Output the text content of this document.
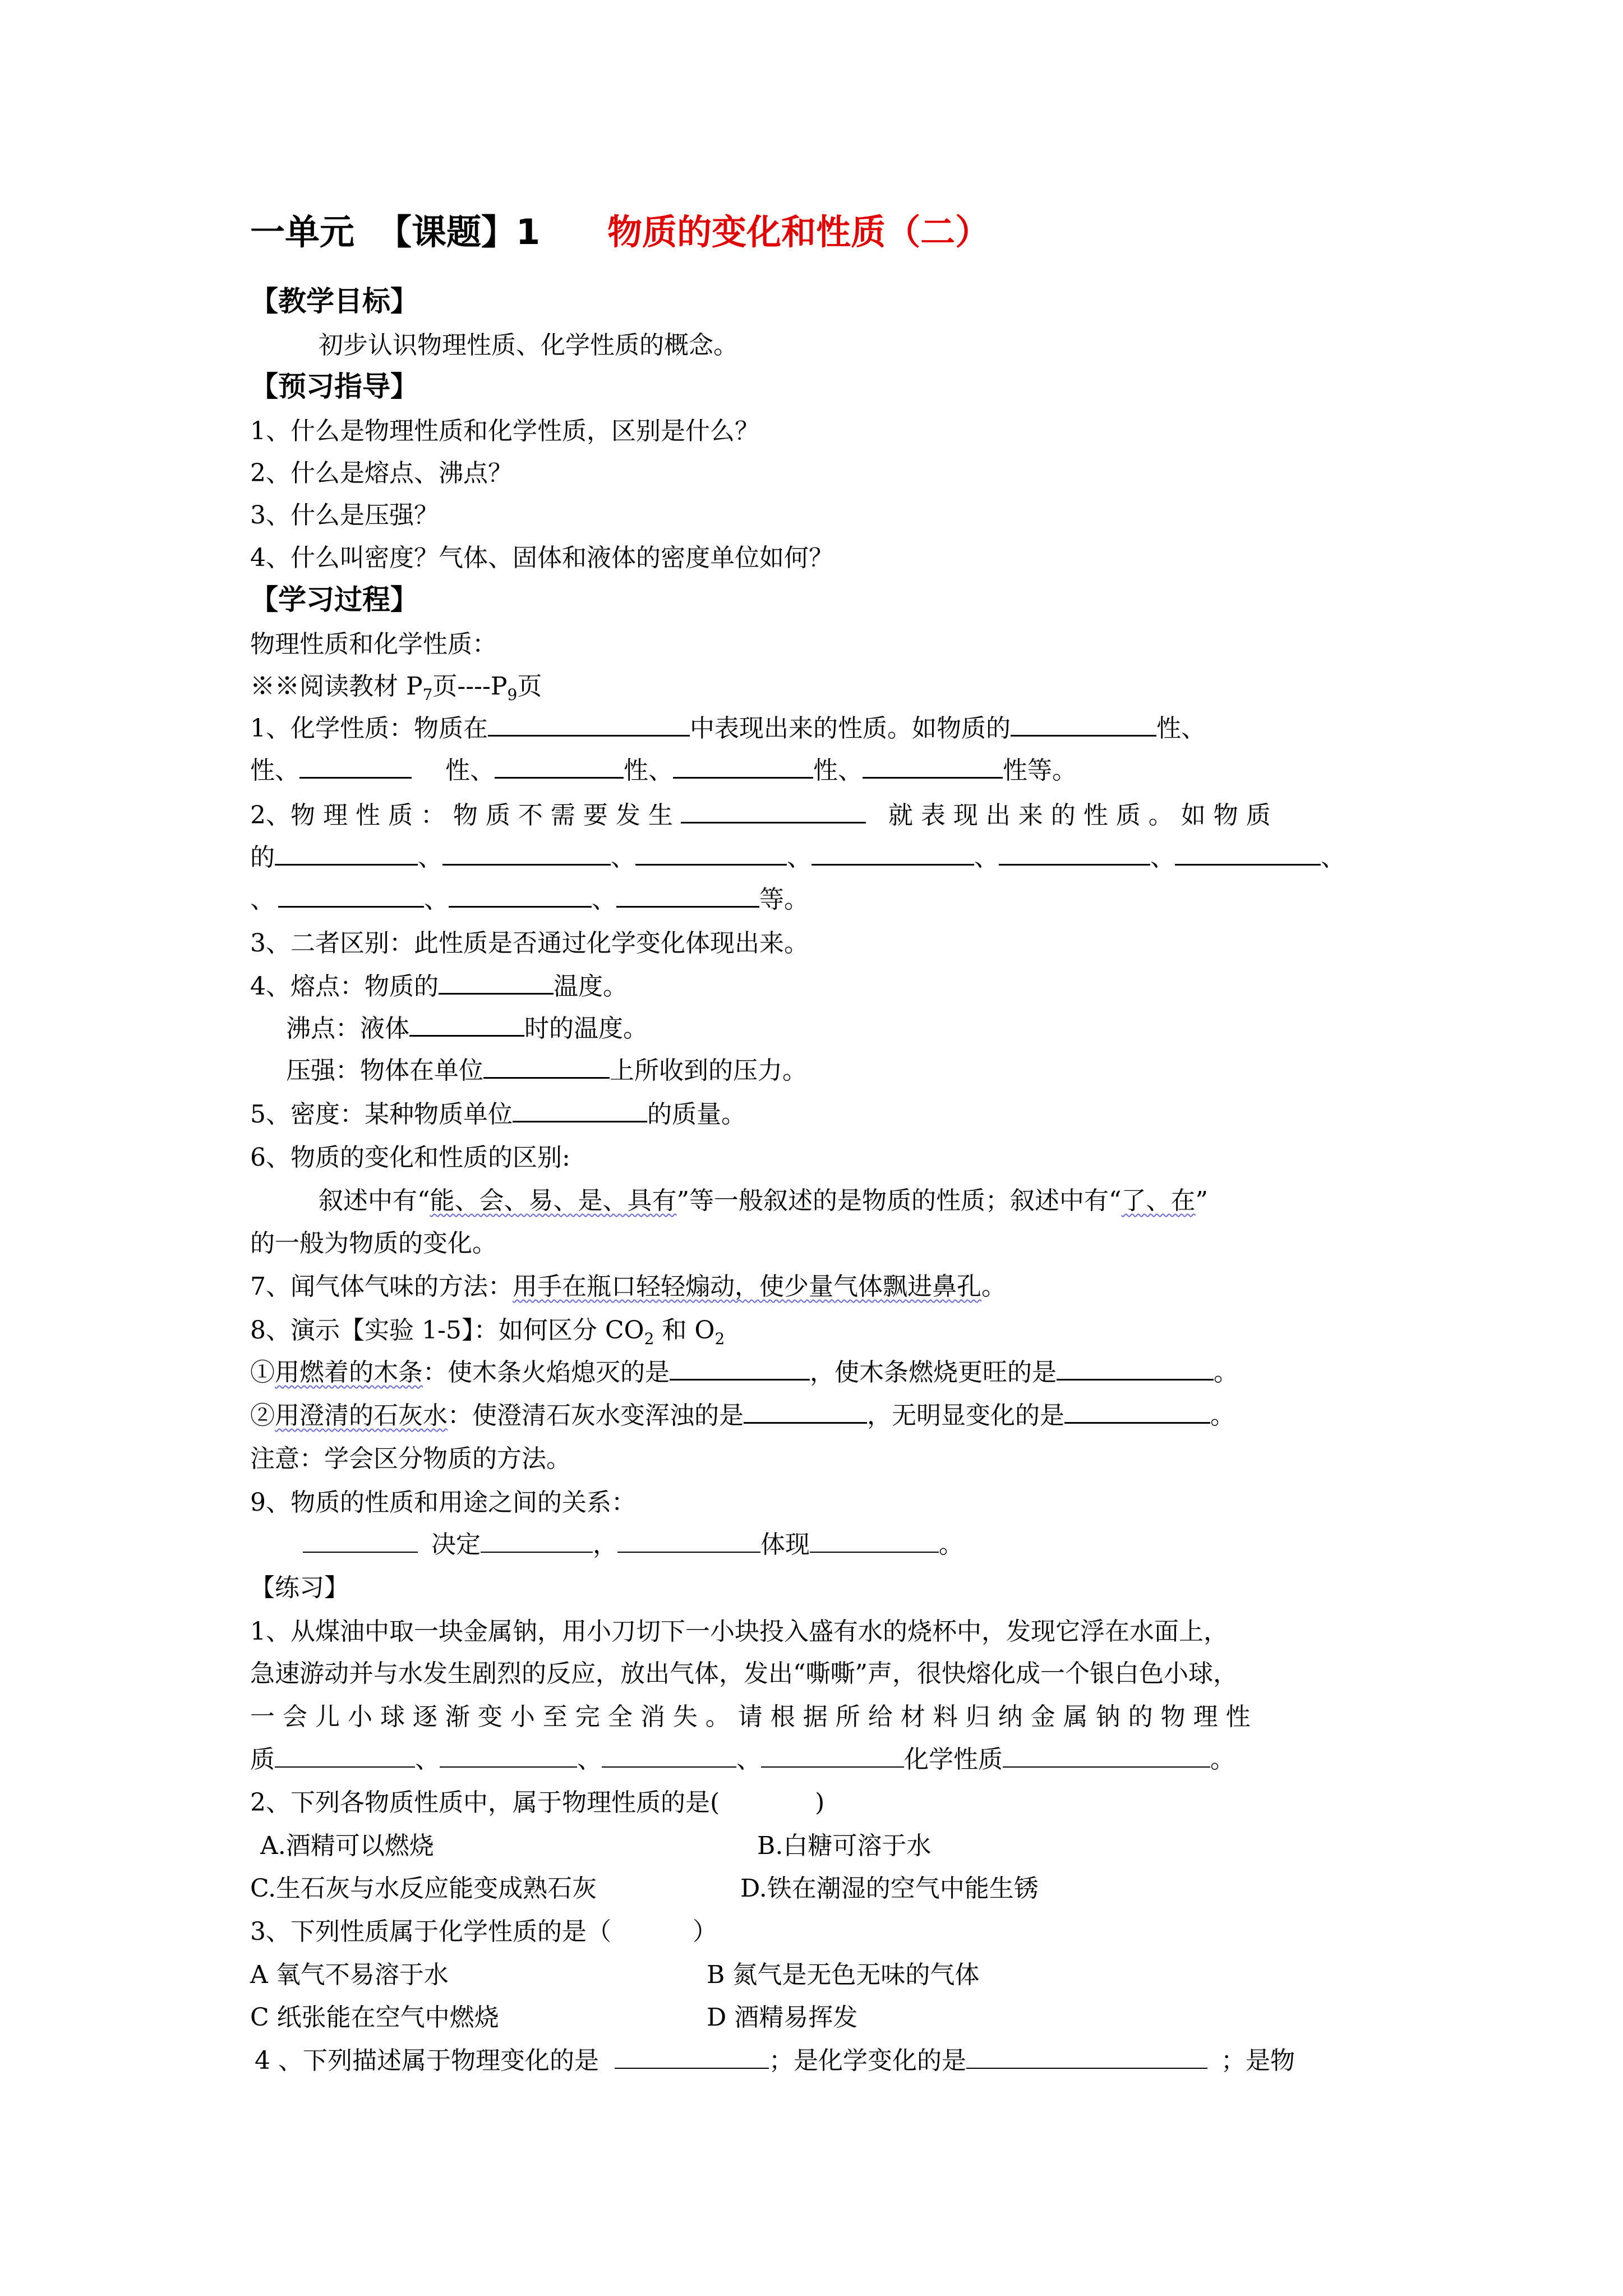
一单元 【课题】1 物质的变化和性质（二）
【教学目标】
初步认识物理性质、化学性质的概念。
【预习指导】
1、什么是物理性质和化学性质，区别是什么？
2、什么是熔点、沸点？
3、什么是压强？
4、什么叫密度？气体、固体和液体的密度单位如何？
【学习过程】
物理性质和化学性质：
※※阅读教材 $P_7$页$----P_9$页
1、化学性质：物质在	中表现出来的性质。如物质的	性、
性、	性、	性、	性、	性等。
2、物 理 性 质 ： 物 质 不 需 要 发 生	就 表 现 出 来 的 性 质 。 如 物 质
的	、	、	、	、	、	、
、	、	、	等。
3、二者区别：此性质是否通过化学变化体现出来。
4、熔点：物质的	温度。
沸点：液体	时的温度。
压强：物体在单位	上所收到的压力。
5、密度：某种物质单位	的质量。
6、物质的变化和性质的区别:
叙述中有“能、会、易、是、具有”等一般叙述的是物质的性质；叙述中有“了、在”
的一般为物质的变化。
7、闻气体气味的方法：用手在瓶口轻轻煽动，使少量气体飘进鼻孔。
8、演示【实验 1-5】：如何区分 $CO_2$ 和 $O_2$
①用燃着的木条：使木条火焰熄灭的是	，使木条燃烧更旺的是	。
②用澄清的石灰水：使澄清石灰水变浑浊的是	，无明显变化的是	。
注意：学会区分物质的方法。
9、物质的性质和用途之间的关系：
决定	，	体现	。
【练习】
1、从煤油中取一块金属钠，用小刀切下一小块投入盛有水的烧杯中，发现它浮在水面上，
急速游动并与水发生剧烈的反应，放出气体，发出“嘶嘶”声，很快熔化成一个银白色小球，
一 会 儿 小 球 逐 渐 变 小 至 完 全 消 失 。 请 根 据 所 给 材 料 归 纳 金 属 钠 的 物 理 性
质	、	、	、	化学性质	。
2、下列各物质性质中，属于物理性质的是(	)
A.酒精可以燃烧	B.白糖可溶于水
C.生石灰与水反应能变成熟石灰	D.铁在潮湿的空气中能生锈
3、下列性质属于化学性质的是（	）
A 氧气不易溶于水	B 氮气是无色无味的气体
C 纸张能在空气中燃烧	D 酒精易挥发
4 、下列描述属于物理变化的是	；是化学变化的是	；是物
